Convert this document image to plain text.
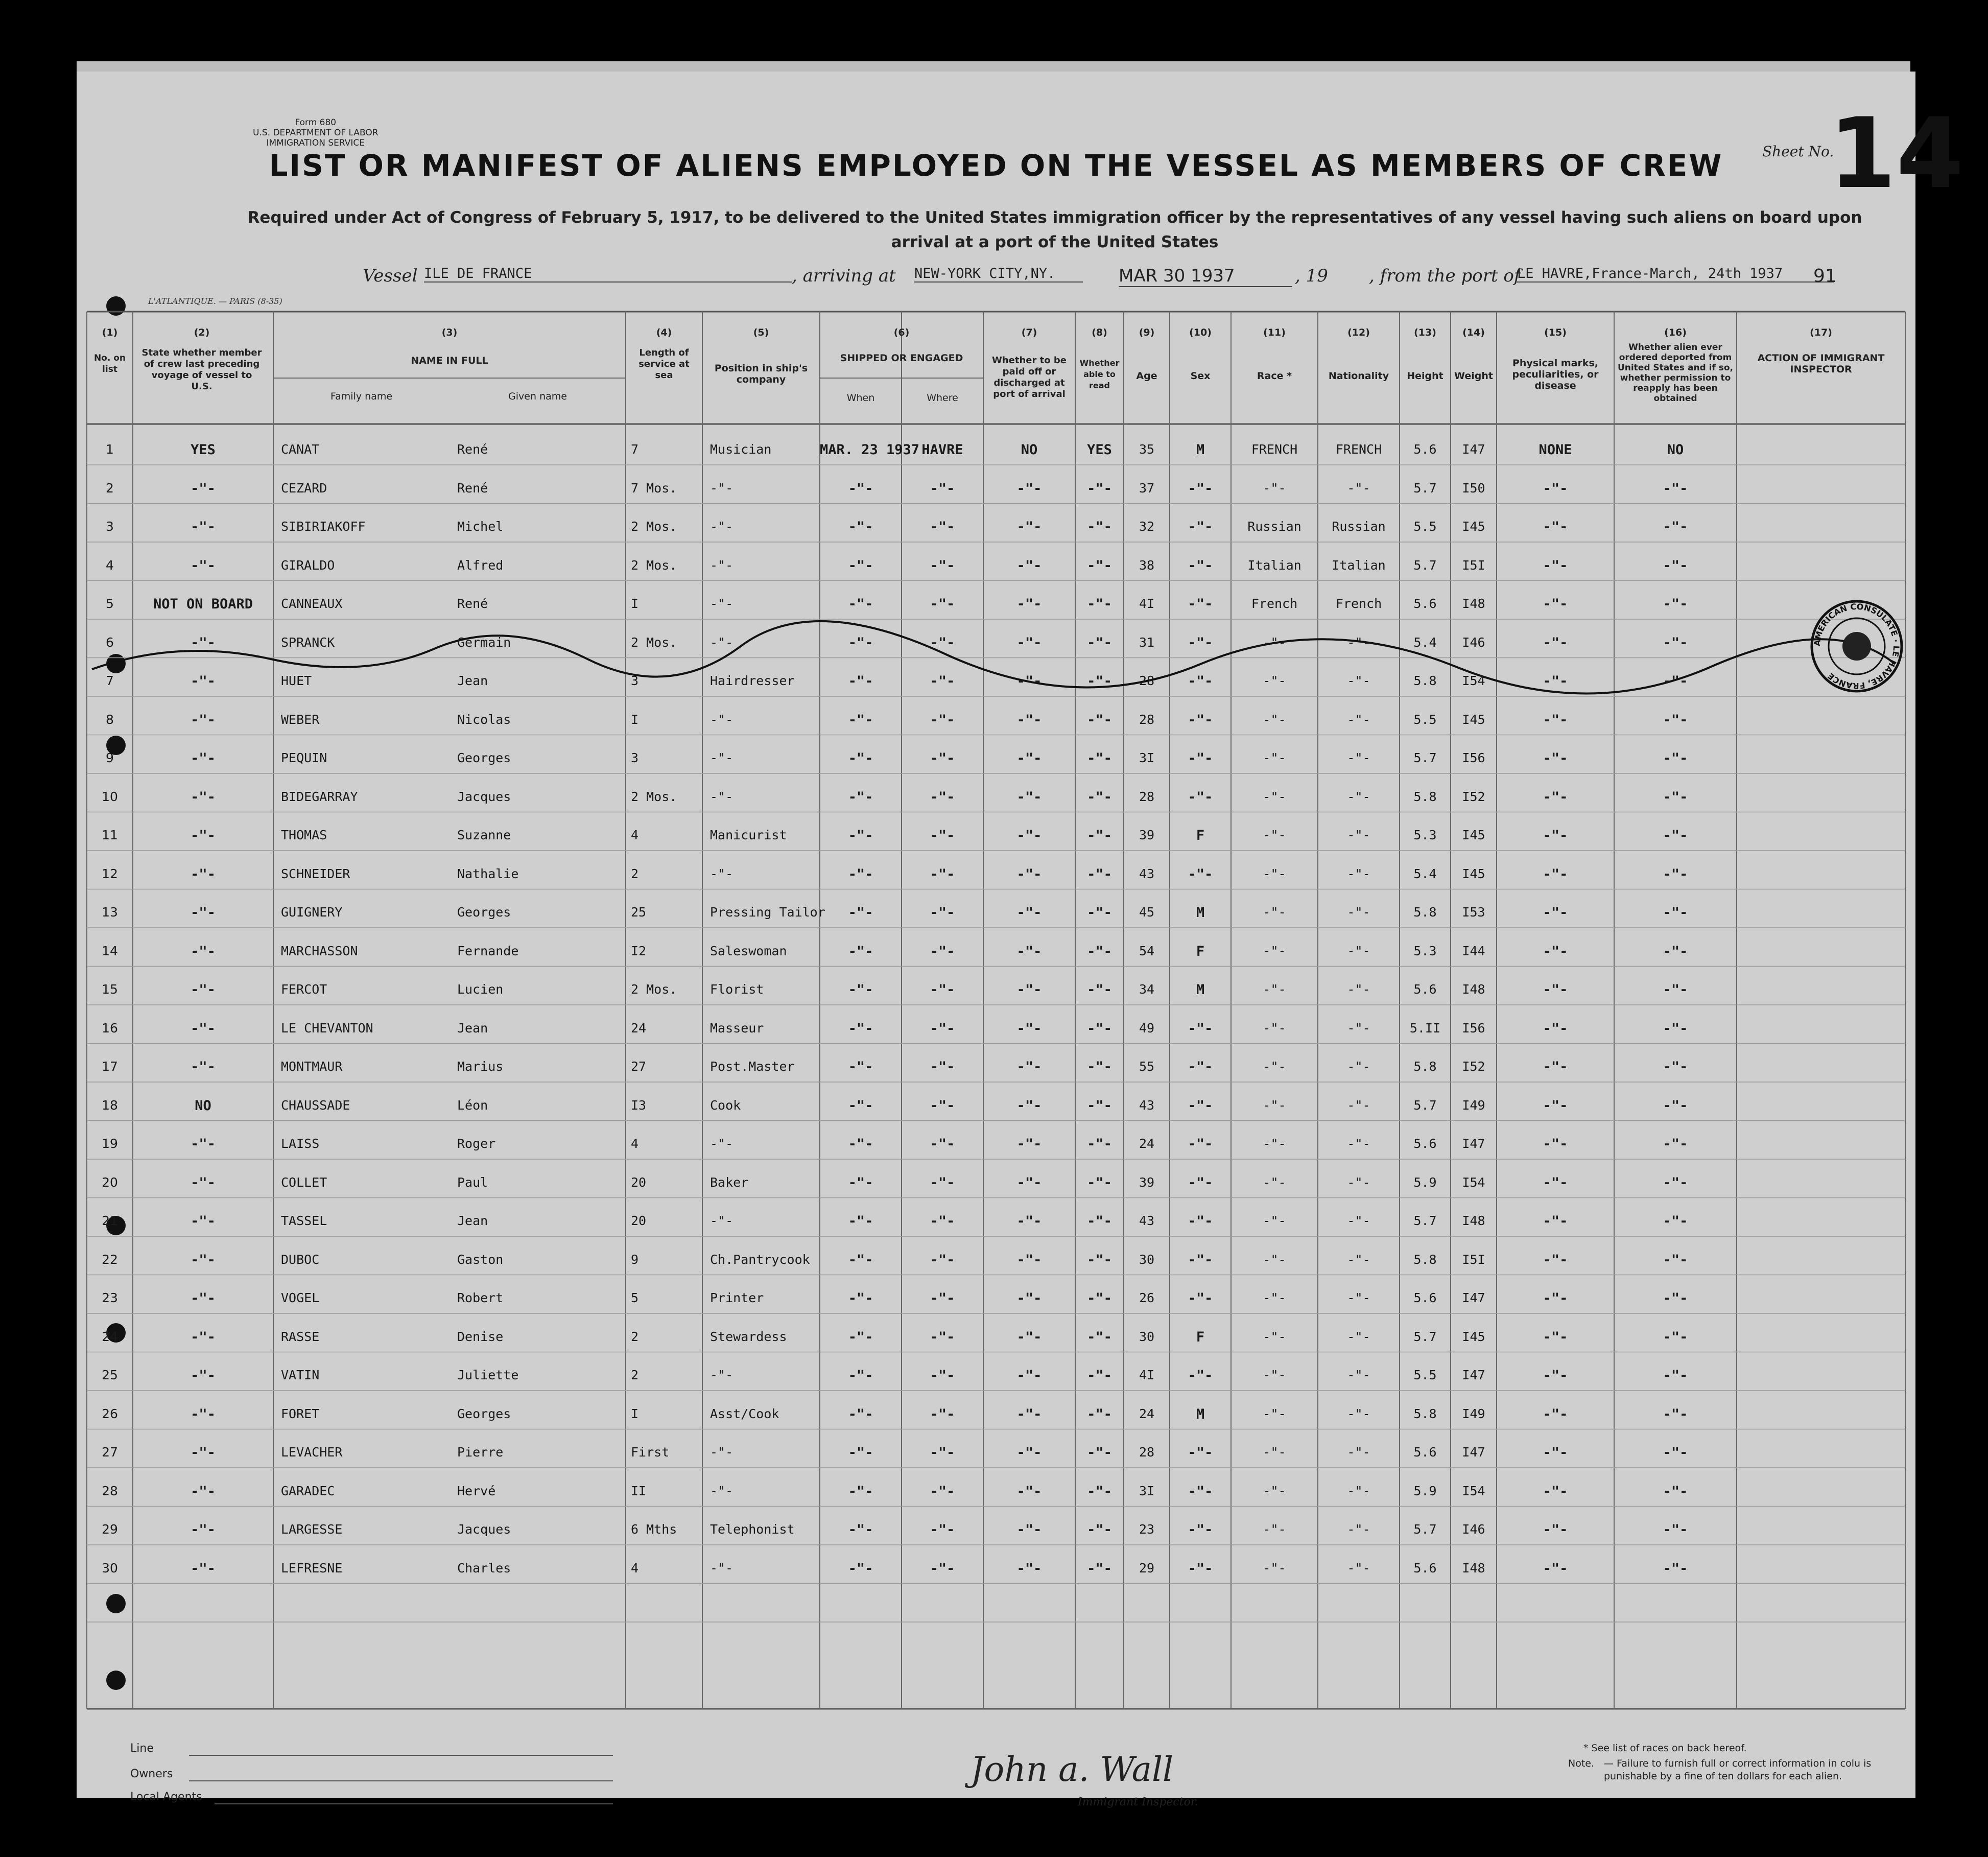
Form 680
U.S. DEPARTMENT OF LABOR
IMMIGRATION SERVICE
LIST OR MANIFEST OF ALIENS EMPLOYED ON THE VESSEL AS MEMBERS OF CREW	Sheet No.
14
Required under Act of Congress of February 5, 1917, to be delivered to the United States immigration officer by the representatives of any vessel having such aliens on board upon arrival at a port of the United States
Vessel ILE DE FRANCE	, arriving at NEW-YORK CITY,NY.	MAR 30 1937	, 19 , from the port of
LE HAVRE,France-March, 24th 1937	91
L'ATLANTIQUE. — PARIS (8-35)
(1)
No. on list
(2)
State whether member of crew last preceding voyage of vessel to U.S.
(3)
NAME IN FULL
Family name	Given name
(4)
Length of service at sea
(5)
Position in ship's company
(6)
SHIPPED OR ENGAGED
When	Where
(7)
Whether to be paid off or discharged at port of arrival
(8)
Whether able to read
(9)
Age
(10)
Sex
(11)
Race *
(12)
Nationality
(13)
Height
(14)
Weight
(15)
Physical marks, peculiarities, or disease
(16)
Whether alien ever ordered deported from United States and if so, whether permission to reapply has been obtained
(17)
ACTION OF IMMIGRANT INSPECTOR
1	YES	CANAT	René	7	Musician	MAR. 23 1937 HAVRE	NO	YES	35	M	FRENCH	FRENCH	5.6	I47	NONE	NO
2	-"-	CEZARD	René	7 Mos.	-"-	-"-	-"-	-"-	-"-	37	-"-	-"-	-"-	5.7	I50	-"-	-"-
3	-"-	SIBIRIAKOFF	Michel	2 Mos.	-"-	-"-	-"-	-"-	-"-	32	-"-	Russian	Russian	5.5	I45	-"-	-"-
4	-"-	GIRALDO	Alfred	2 Mos.	-"-	-"-	-"-	-"-	-"-	38	-"-	Italian	Italian	5.7	I5I	-"-	-"-
5	NOT ON BOARD	CANNEAUX	René	I	-"-	-"-	-"-	-"-	-"-	4I	-"-	French	French	5.6	I48	-"-	-"-
6	-"-	SPRANCK	Germain	2 Mos.	-"-	-"-	-"-	-"-	-"-	31	-"-	-"-	-"-	5.4	I46	-"-	-"-
7	-"-	HUET	Jean	3	Hairdresser	-"-	-"-	-"-	-"-	28	-"-	-"-	-"-	5.8	I54	-"-	-"-
8	-"-	WEBER	Nicolas	I	-"-	-"-	-"-	-"-	-"-	28	-"-	-"-	-"-	5.5	I45	-"-	-"-
9	-"-	PEQUIN	Georges	3	-"-	-"-	-"-	-"-	-"-	3I	-"-	-"-	-"-	5.7	I56	-"-	-"-
10	-"-	BIDEGARRAY	Jacques	2 Mos.	-"-	-"-	-"-	-"-	-"-	28	-"-	-"-	-"-	5.8	I52	-"-	-"-
11	-"-	THOMAS	Suzanne	4	Manicurist	-"-	-"-	-"-	-"-	39	F	-"-	-"-	5.3	I45	-"-	-"-
12	-"-	SCHNEIDER	Nathalie	2	-"-	-"-	-"-	-"-	-"-	43	-"-	-"-	-"-	5.4	I45	-"-	-"-
13	-"-	GUIGNERY	Georges	25	Pressing Tailor	-"-	-"-	-"-	-"-	45	M	-"-	-"-	5.8	I53	-"-	-"-
14	-"-	MARCHASSON	Fernande	I2	Saleswoman	-"-	-"-	-"-	-"-	54	F	-"-	-"-	5.3	I44	-"-	-"-
15	-"-	FERCOT	Lucien	2 Mos.	Florist	-"-	-"-	-"-	-"-	34	M	-"-	-"-	5.6	I48	-"-	-"-
16	-"-	LE CHEVANTON	Jean	24	Masseur	-"-	-"-	-"-	-"-	49	-"-	-"-	-"-	5.II	I56	-"-	-"-
17	-"-	MONTMAUR	Marius	27	Post.Master	-"-	-"-	-"-	-"-	55	-"-	-"-	-"-	5.8	I52	-"-	-"-
18	NO	CHAUSSADE	Léon	I3	Cook	-"-	-"-	-"-	-"-	43	-"-	-"-	-"-	5.7	I49	-"-	-"-
19	-"-	LAISS	Roger	4	-"-	-"-	-"-	-"-	-"-	24	-"-	-"-	-"-	5.6	I47	-"-	-"-
20	-"-	COLLET	Paul	20	Baker	-"-	-"-	-"-	-"-	39	-"-	-"-	-"-	5.9	I54	-"-	-"-
21	-"-	TASSEL	Jean	20	-"-	-"-	-"-	-"-	-"-	43	-"-	-"-	-"-	5.7	I48	-"-	-"-
22	-"-	DUBOC	Gaston	9	Ch.Pantrycook	-"-	-"-	-"-	-"-	30	-"-	-"-	-"-	5.8	I5I	-"-	-"-
23	-"-	VOGEL	Robert	5	Printer	-"-	-"-	-"-	-"-	26	-"-	-"-	-"-	5.6	I47	-"-	-"-
24	-"-	RASSE	Denise	2	Stewardess	-"-	-"-	-"-	-"-	30	F	-"-	-"-	5.7	I45	-"-	-"-
25	-"-	VATIN	Juliette	2	-"-	-"-	-"-	-"-	-"-	4I	-"-	-"-	-"-	5.5	I47	-"-	-"-
26	-"-	FORET	Georges	I	Asst/Cook	-"-	-"-	-"-	-"-	24	M	-"-	-"-	5.8	I49	-"-	-"-
27	-"-	LEVACHER	Pierre	First	-"-	-"-	-"-	-"-	-"-	28	-"-	-"-	-"-	5.6	I47	-"-	-"-
28	-"-	GARADEC	Hervé	II	-"-	-"-	-"-	-"-	-"-	3I	-"-	-"-	-"-	5.9	I54	-"-	-"-
29	-"-	LARGESSE	Jacques	6 Mths	Telephonist	-"-	-"-	-"-	-"-	23	-"-	-"-	-"-	5.7	I46	-"-	-"-
30	-"-	LEFRESNE	Charles	4	-"-	-"-	-"-	-"-	-"-	29	-"-	-"-	-"-	5.6	I48	-"-	-"-
AMERICAN CONSULATE · LE HAVRE, FRANCE
Line
Owners
Local Agents
John a. Wall
Immigrant Inspector.
* See list of races on back hereof.
Note. — Failure to furnish full or correct information in colu is punishable by a fine of ten dollars for each alien.
